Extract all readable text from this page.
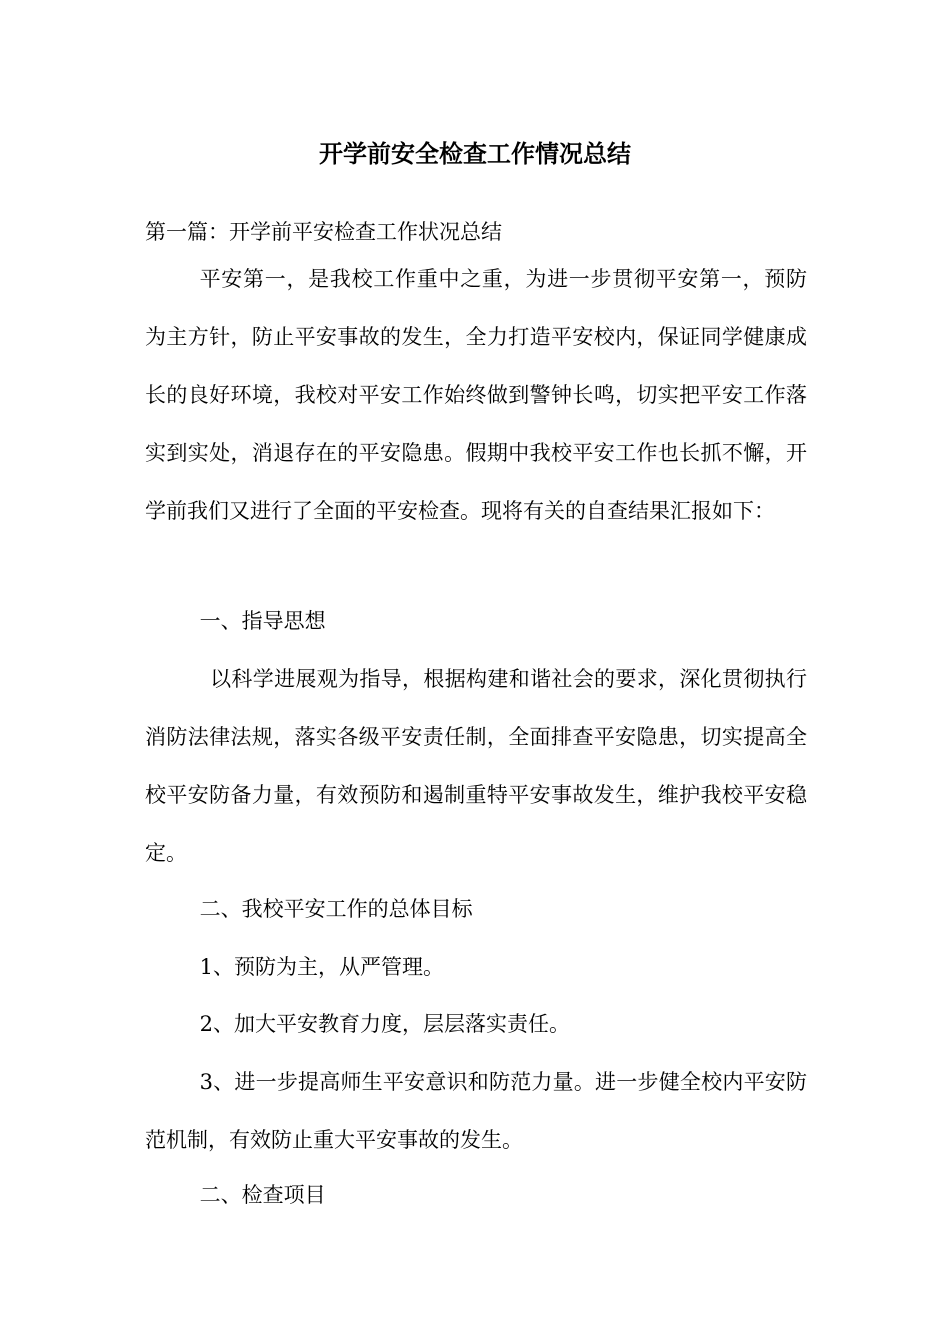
开学前安全检查工作情况总结

第一篇：开学前平安检查工作状况总结

平安第一，是我校工作重中之重，为进一步贯彻平安第一，预防为主方针，防止平安事故的发生，全力打造平安校内，保证同学健康成长的良好环境，我校对平安工作始终做到警钟长鸣，切实把平安工作落实到实处，消退存在的平安隐患。假期中我校平安工作也长抓不懈，开学前我们又进行了全面的平安检查。现将有关的自查结果汇报如下：

一、指导思想

以科学进展观为指导，根据构建和谐社会的要求，深化贯彻执行消防法律法规，落实各级平安责任制，全面排查平安隐患，切实提高全校平安防备力量，有效预防和遏制重特平安事故发生，维护我校平安稳定。

二、我校平安工作的总体目标

1、预防为主，从严管理。

2、加大平安教育力度，层层落实责任。

3、进一步提高师生平安意识和防范力量。进一步健全校内平安防范机制，有效防止重大平安事故的发生。

二、检查项目
